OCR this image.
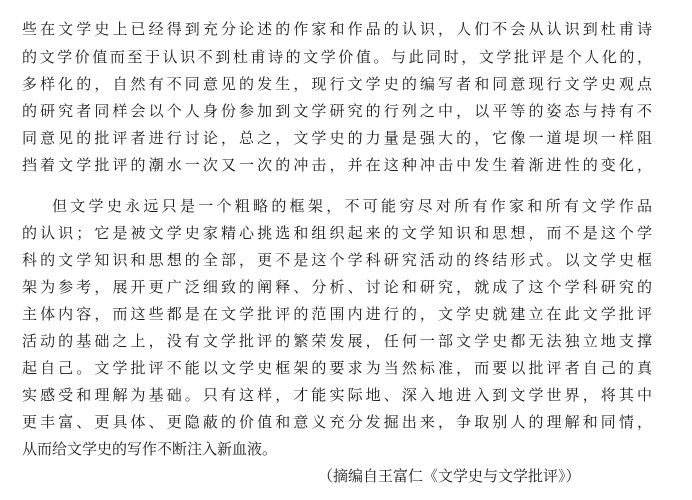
些在文学史上已经得到充分论述的作家和作品的认识，人们不会从认识到杜甫诗
的文学价值而至于认识不到杜甫诗的文学价值。与此同时，文学批评是个人化的，
多样化的，自然有不同意见的发生，现行文学史的编写者和同意现行文学史观点
的研究者同样会以个人身份参加到文学研究的行列之中，以平等的姿态与持有不
同意见的批评者进行讨论，总之，文学史的力量是强大的，它像一道堤坝一样阻
挡着文学批评的潮水一次又一次的冲击，并在这种冲击中发生着渐进性的变化，
但文学史永远只是一个粗略的框架，不可能穷尽对所有作家和所有文学作品
的认识；它是被文学史家精心挑选和组织起来的文学知识和思想，而不是这个学
科的文学知识和思想的全部，更不是这个学科研究活动的终结形式。以文学史框
架为参考，展开更广泛细致的阐释、分析、讨论和研究，就成了这个学科研究的
主体内容，而这些都是在文学批评的范围内进行的，文学史就建立在此文学批评
活动的基础之上，没有文学批评的繁荣发展，任何一部文学史都无法独立地支撑
起自己。文学批评不能以文学史框架的要求为当然标准，而要以批评者自己的真
实感受和理解为基础。只有这样，才能实际地、深入地进入到文学世界，将其中
更丰富、更具体、更隐蔽的价值和意义充分发掘出来，争取别人的理解和同情，
从而给文学史的写作不断注入新血液。
（摘编自王富仁《文学史与文学批评》）
